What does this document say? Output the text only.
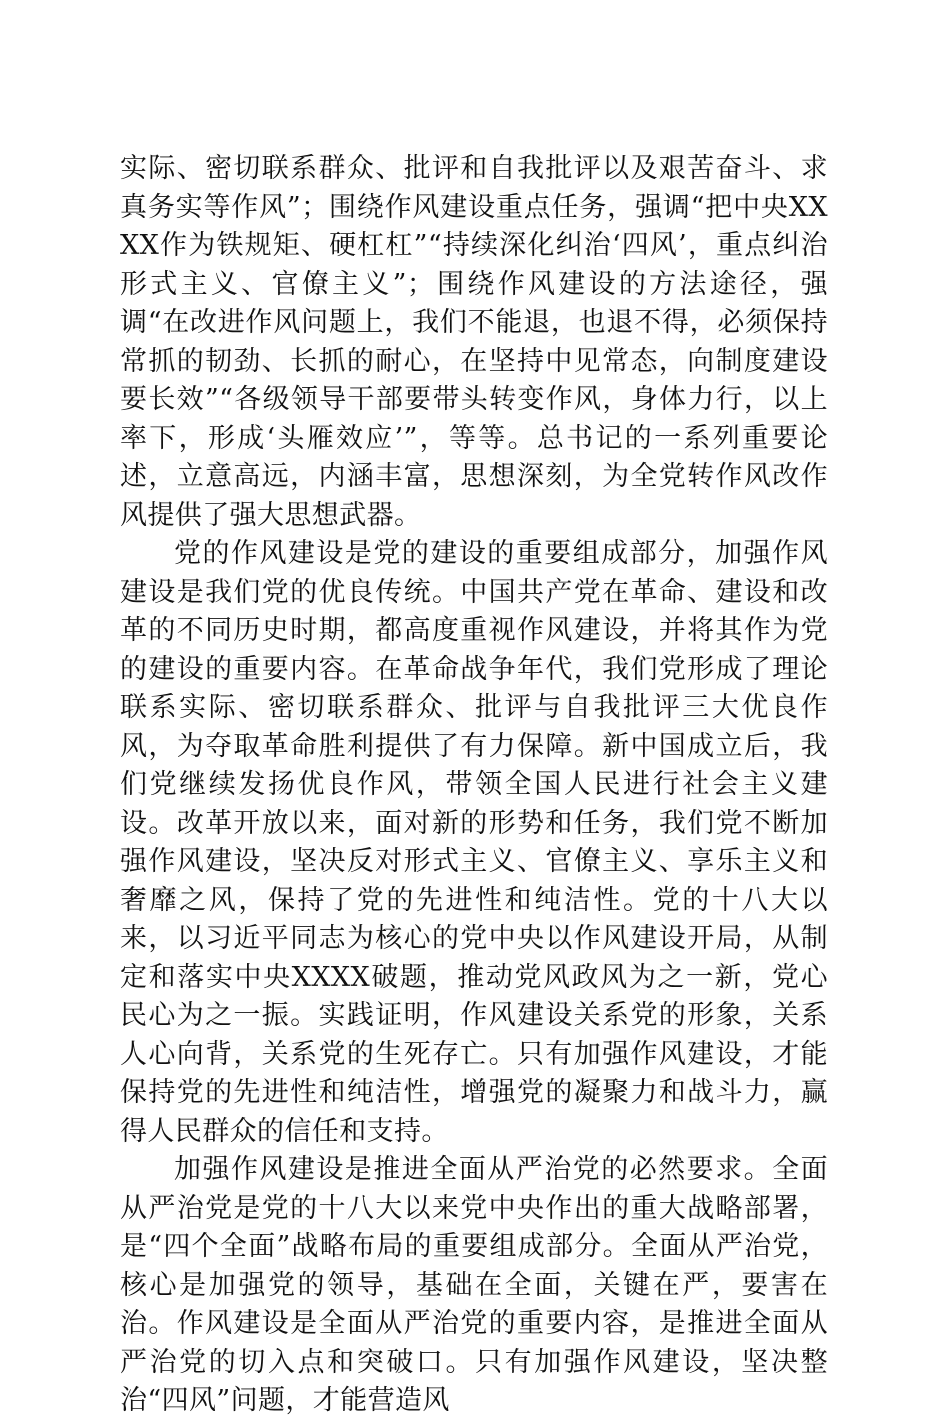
实际、密切联系群众、批评和自我批评以及艰苦奋斗、求真务实等作风”；围绕作风建设重点任务，强调“把中央XXXX作为铁规矩、硬杠杠”“持续深化纠治‘四风’，重点纠治形式主义、官僚主义”；围绕作风建设的方法途径，强调“在改进作风问题上，我们不能退，也退不得，必须保持常抓的韧劲、长抓的耐心，在坚持中见常态，向制度建设要长效”“各级领导干部要带头转变作风，身体力行，以上率下，形成‘头雁效应’”，等等。总书记的一系列重要论述，立意高远，内涵丰富，思想深刻，为全党转作风改作风提供了强大思想武器。

党的作风建设是党的建设的重要组成部分，加强作风建设是我们党的优良传统。中国共产党在革命、建设和改革的不同历史时期，都高度重视作风建设，并将其作为党的建设的重要内容。在革命战争年代，我们党形成了理论联系实际、密切联系群众、批评与自我批评三大优良作风，为夺取革命胜利提供了有力保障。新中国成立后，我们党继续发扬优良作风，带领全国人民进行社会主义建设。改革开放以来，面对新的形势和任务，我们党不断加强作风建设，坚决反对形式主义、官僚主义、享乐主义和奢靡之风，保持了党的先进性和纯洁性。党的十八大以来，以习近平同志为核心的党中央以作风建设开局，从制定和落实中央XXXX破题，推动党风政风为之一新，党心民心为之一振。实践证明，作风建设关系党的形象，关系人心向背，关系党的生死存亡。只有加强作风建设，才能保持党的先进性和纯洁性，增强党的凝聚力和战斗力，赢得人民群众的信任和支持。

加强作风建设是推进全面从严治党的必然要求。全面从严治党是党的十八大以来党中央作出的重大战略部署，是“四个全面”战略布局的重要组成部分。全面从严治党，核心是加强党的领导，基础在全面，关键在严，要害在治。作风建设是全面从严治党的重要内容，是推进全面从严治党的切入点和突破口。只有加强作风建设，坚决整治“四风”问题，才能营造风
